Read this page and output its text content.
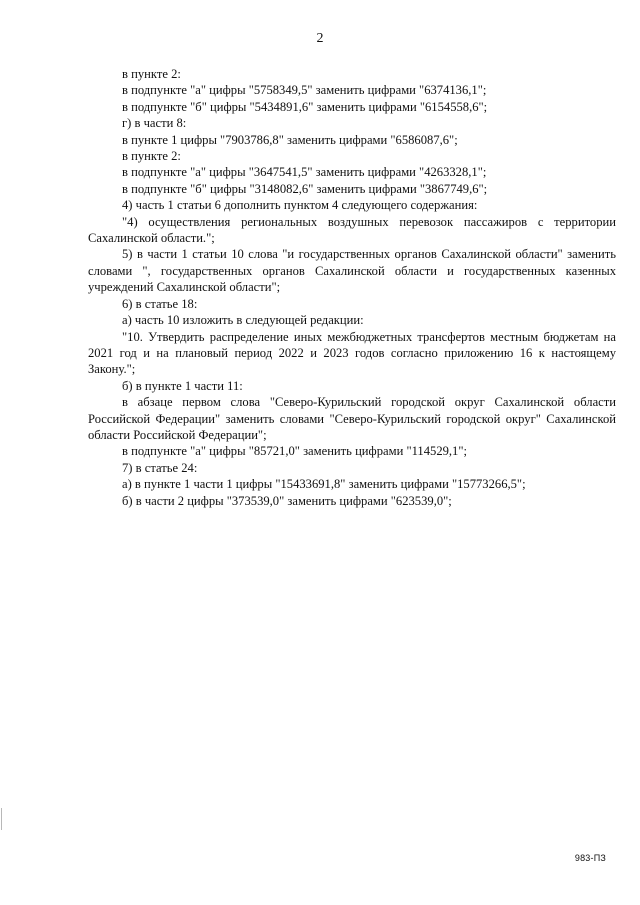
2

в пункте 2:

в подпункте "а" цифры "5758349,5" заменить цифрами "6374136,1";

в подпункте "б" цифры "5434891,6" заменить цифрами "6154558,6";

г) в части 8:

в пункте 1 цифры "7903786,8" заменить цифрами "6586087,6";

в пункте 2:

в подпункте "а" цифры "3647541,5" заменить цифрами "4263328,1";

в подпункте "б" цифры "3148082,6" заменить цифрами "3867749,6";

4) часть 1 статьи 6 дополнить пунктом 4 следующего содержания:

"4) осуществления региональных воздушных перевозок пассажиров с территории Сахалинской области.";

5) в части 1 статьи 10 слова "и государственных органов Сахалинской области" заменить словами ", государственных органов Сахалинской области и государственных казенных учреждений Сахалинской области";

6) в статье 18:

а) часть 10 изложить в следующей редакции:

"10. Утвердить распределение иных межбюджетных трансфертов местным бюджетам на 2021 год и на плановый период 2022 и 2023 годов согласно приложению 16 к настоящему Закону.";

б) в пункте 1 части 11:

в абзаце первом слова "Северо-Курильский городской округ Сахалинской области Российской Федерации" заменить словами "Северо-Курильский городской округ" Сахалинской области Российской Федерации";

в подпункте "а" цифры "85721,0" заменить цифрами "114529,1";

7) в статье 24:

а) в пункте 1 части 1 цифры "15433691,8" заменить цифрами "15773266,5";

б) в части 2 цифры "373539,0" заменить цифрами "623539,0";

983-ПЗ
